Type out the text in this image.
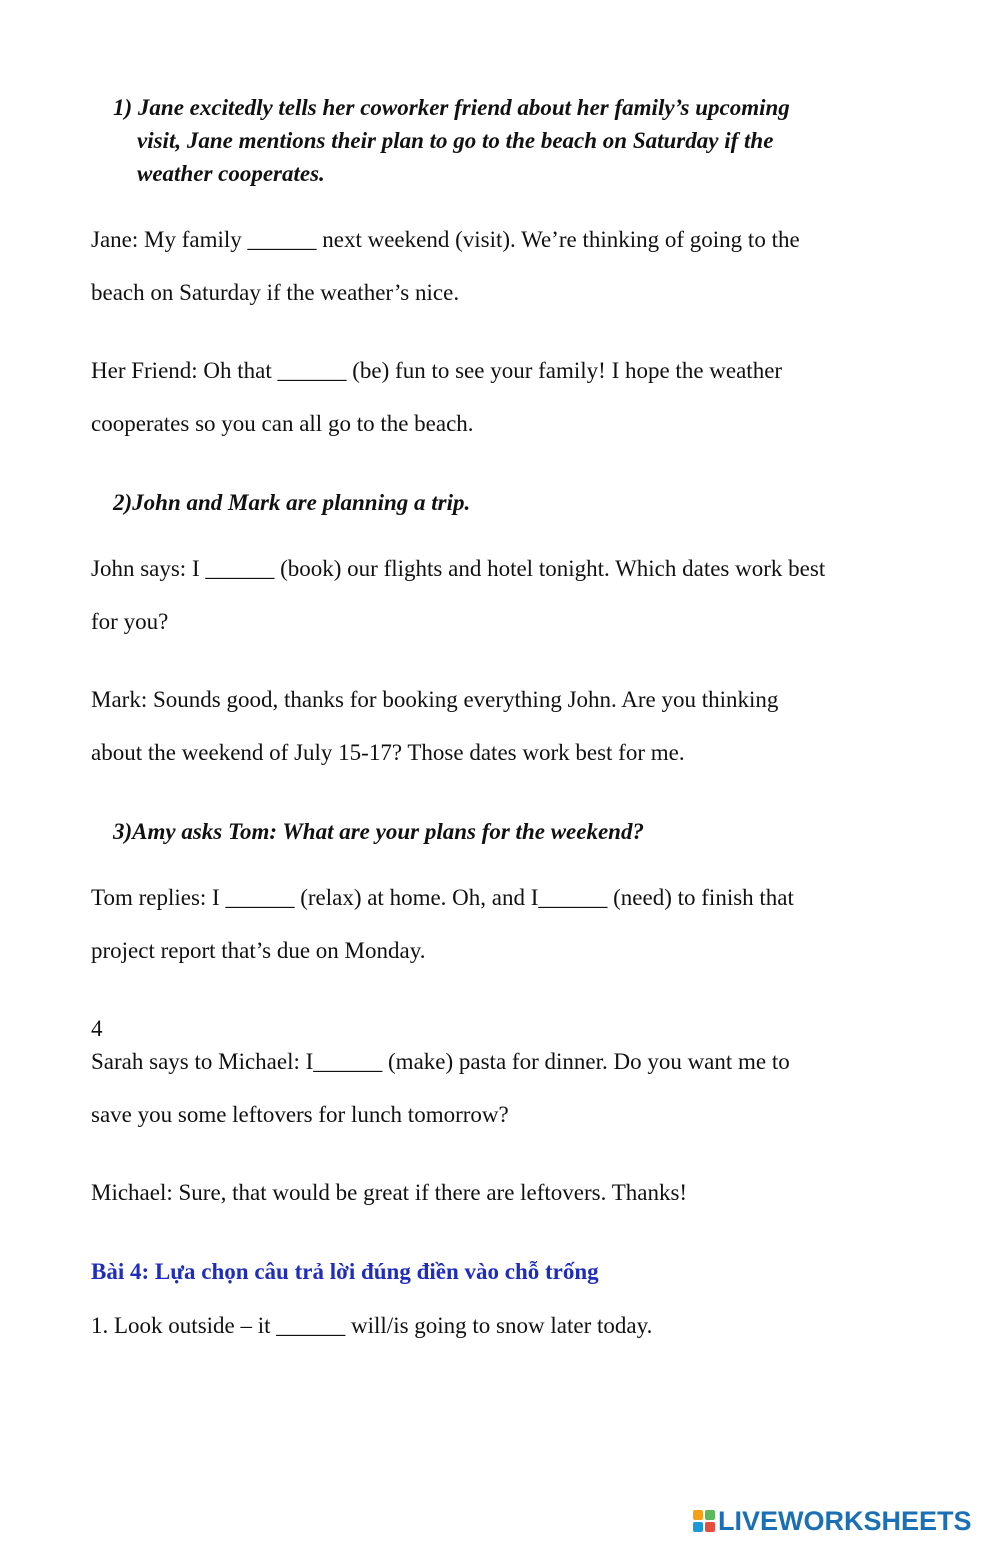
1) Jane excitedly tells her coworker friend about her family’s upcoming
visit, Jane mentions their plan to go to the beach on Saturday if the
weather cooperates.
Jane: My family ______ next weekend (visit). We’re thinking of going to the
beach on Saturday if the weather’s nice.
Her Friend: Oh that ______ (be) fun to see your family! I hope the weather
cooperates so you can all go to the beach.
2)John and Mark are planning a trip.
John says: I ______ (book) our flights and hotel tonight. Which dates work best
for you?
Mark: Sounds good, thanks for booking everything John. Are you thinking
about the weekend of July 15-17? Those dates work best for me.
3)Amy asks Tom: What are your plans for the weekend?
Tom replies: I ______ (relax) at home. Oh, and I______ (need) to finish that
project report that’s due on Monday.
4
Sarah says to Michael: I______ (make) pasta for dinner. Do you want me to
save you some leftovers for lunch tomorrow?
Michael: Sure, that would be great if there are leftovers. Thanks!
Bài 4: Lựa chọn câu trả lời đúng điền vào chỗ trống
1. Look outside – it ______ will/is going to snow later today.
LIVEWORKSHEETS
